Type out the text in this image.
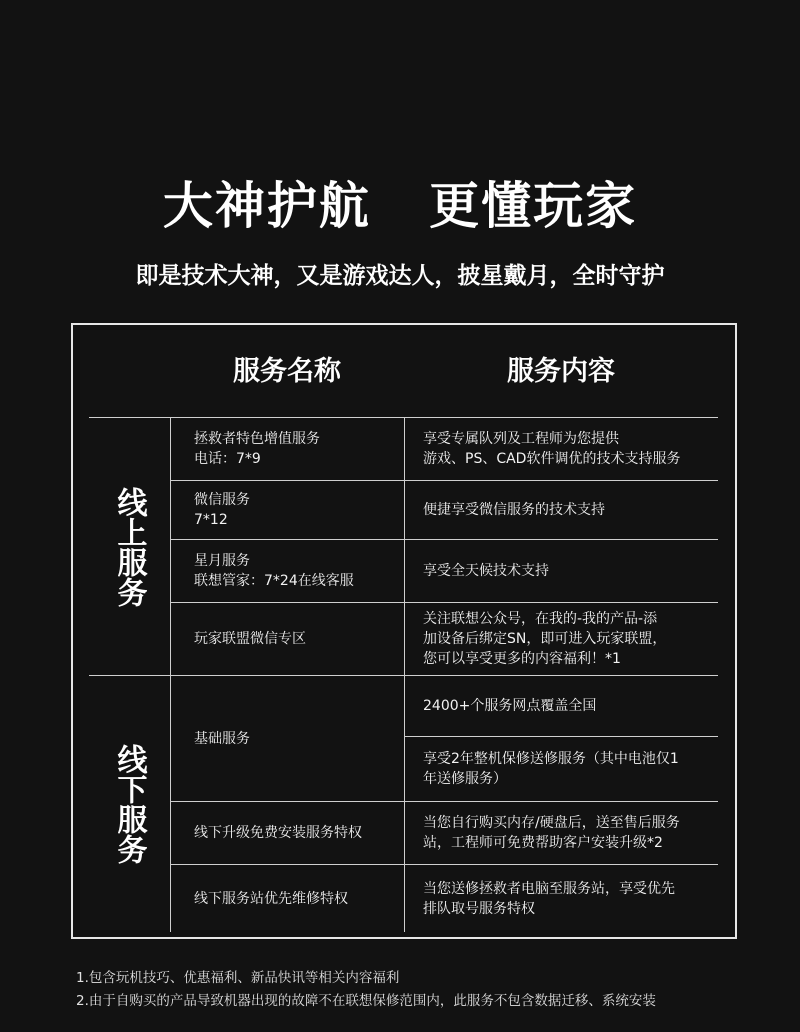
大神护航   更懂玩家
即是技术大神，又是游戏达人，披星戴月，全时守护
服务名称	服务内容
线上服务
线下服务
拯救者特色增值服务
电话：7*9
享受专属队列及工程师为您提供
游戏、PS、CAD软件调优的技术支持服务
微信服务
7*12
便捷享受微信服务的技术支持
星月服务
联想管家：7*24在线客服
享受全天候技术支持
玩家联盟微信专区
关注联想公众号，在我的-我的产品-添
加设备后绑定SN，即可进入玩家联盟，
您可以享受更多的内容福利！*1
基础服务
2400+个服务网点覆盖全国
享受2年整机保修送修服务（其中电池仅1
年送修服务）
线下升级免费安装服务特权
当您自行购买内存/硬盘后，送至售后服务
站，工程师可免费帮助客户安装升级*2
线下服务站优先维修特权
当您送修拯救者电脑至服务站，享受优先
排队取号服务特权
1.包含玩机技巧、优惠福利、新品快讯等相关内容福利
2.由于自购买的产品导致机器出现的故障不在联想保修范围内，此服务不包含数据迁移、系统安装
